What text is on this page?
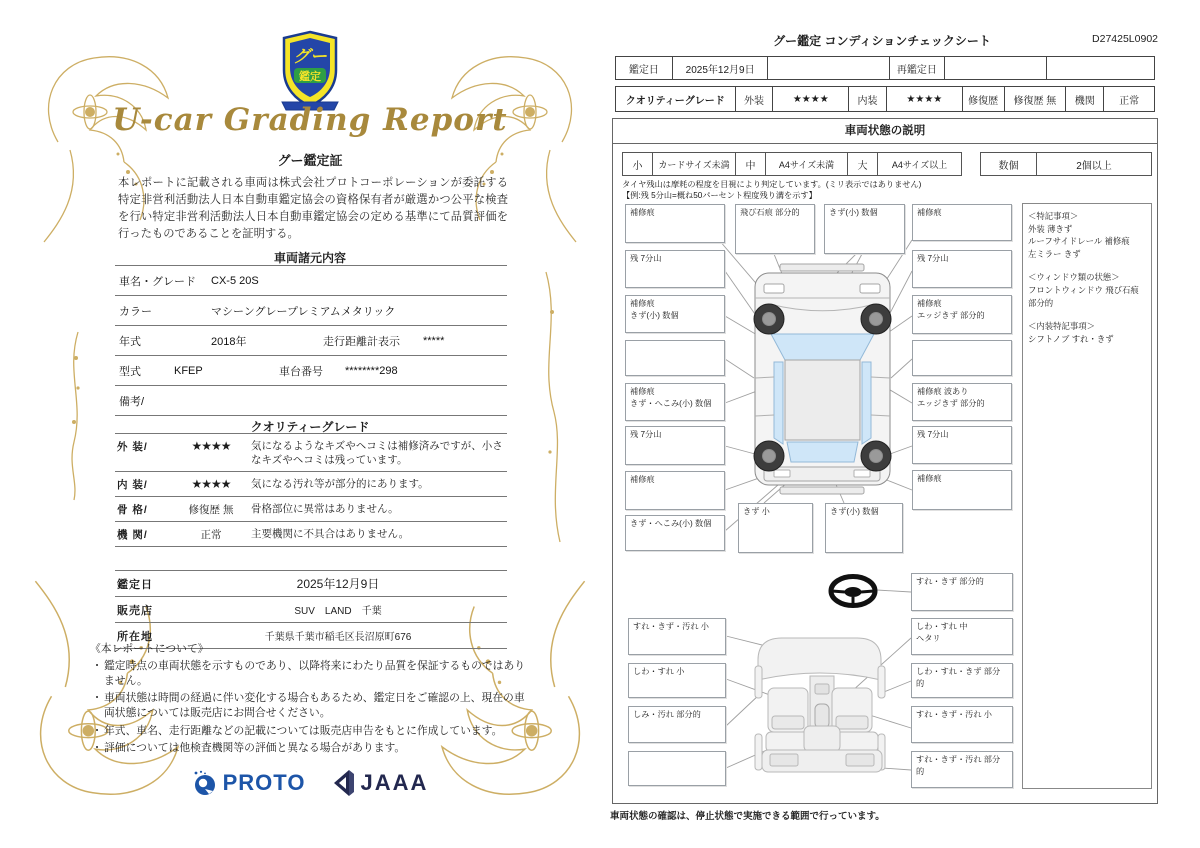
グー
鑑定
U-car Grading Report
グー鑑定証
本レポートに記載される車両は株式会社プロトコーポレーションが委託する特定非営利活動法人日本自動車鑑定協会の資格保有者が厳選かつ公平な検査を行い特定非営利活動法人日本自動車鑑定協会の定める基準にて品質評価を行ったものであることを証明する。
車両諸元内容
車名・グレード	CX-5 20S
カラー	マシーングレープレミアムメタリック
年式	2018年	走行距離計表示	*****
型式	KFEP	車台番号	********298
備考/
クオリティーグレード
外 装/	★★★★	気になるようなキズやヘコミは補修済みですが、小さなキズやヘコミは残っています。
内 装/	★★★★	気になる汚れ等が部分的にあります。
骨 格/	修復歴 無	骨格部位に異常はありません。
機 関/	正常	主要機関に不具合はありません。
鑑定日	2025年12月9日
販売店	SUV　LAND　千葉
所在地	千葉県千葉市稲毛区長沼原町676
《本レポートについて》
・ 鑑定時点の車両状態を示すものであり、以降将来にわたり品質を保証するものではありません。
・ 車両状態は時間の経過に伴い変化する場合もあるため、鑑定日をご確認の上、現在の車両状態については販売店にお問合せください。
・ 年式、車名、走行距離などの記載については販売店申告をもとに作成しています。
・ 評価については他検査機関等の評価と異なる場合があります。
PROTO	JAAA
グー鑑定 コンディションチェックシート	D27425L0902
鑑定日	2025年12月9日	再鑑定日
クオリティーグレード	外装	★★★★	内装	★★★★	修復歴	修復歴 無	機関	正常
車両状態の説明
小	カードサイズ未満	中	A4サイズ未満	大	A4サイズ以上	数個	2個以上
タイヤ残山は摩耗の程度を目視により判定しています。(ミリ表示ではありません)
【例:残 5分山=概ね50パーセント程度残り溝を示す】
補修痕
残 7分山
補修痕
きず(小) 数個
補修痕
きず・へこみ(小) 数個
残 7分山
補修痕
きず・へこみ(小) 数個
飛び石痕 部分的	きず(小) 数個	補修痕
残 7分山
補修痕
エッジきず 部分的
補修痕 波あり
エッジきず 部分的
残 7分山
補修痕
きず 小	きず(小) 数個
すれ・きず 部分的
すれ・きず・汚れ 小
しわ・すれ 小
しみ・汚れ 部分的
しわ・すれ 中
ヘタリ
しわ・すれ・きず 部分的
すれ・きず・汚れ 小
すれ・きず・汚れ 部分的
＜特記事項＞
外装 薄きず
ルーフサイドレール 補修痕
左ミラー きず
＜ウィンドウ類の状態＞
フロントウィンドウ 飛び石痕 部分的
＜内装特記事項＞
シフトノブ すれ・きず
車両状態の確認は、停止状態で実施できる範囲で行っています。
